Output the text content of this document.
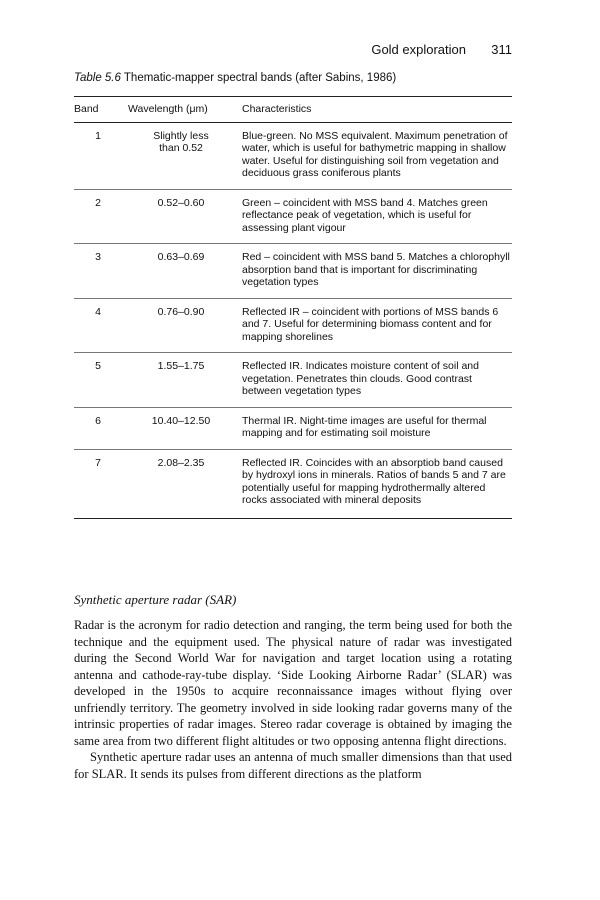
Gold exploration 311
Table 5.6 Thematic-mapper spectral bands (after Sabins, 1986)
Band	Wavelength (μm)	Characteristics
1	Slightly less than 0.52	Blue-green. No MSS equivalent. Maximum penetration of water, which is useful for bathymetric mapping in shallow water. Useful for distinguishing soil from vegetation and deciduous grass coniferous plants
2	0.52–0.60	Green – coincident with MSS band 4. Matches green reflectance peak of vegetation, which is useful for assessing plant vigour
3	0.63–0.69	Red – coincident with MSS band 5. Matches a chlorophyll absorption band that is important for discriminating vegetation types
4	0.76–0.90	Reflected IR – coincident with portions of MSS bands 6 and 7. Useful for determining biomass content and for mapping shorelines
5	1.55–1.75	Reflected IR. Indicates moisture content of soil and vegetation. Penetrates thin clouds. Good contrast between vegetation types
6	10.40–12.50	Thermal IR. Night-time images are useful for thermal mapping and for estimating soil moisture
7	2.08–2.35	Reflected IR. Coincides with an absorptiob band caused by hydroxyl ions in minerals. Ratios of bands 5 and 7 are potentially useful for mapping hydrothermally altered rocks associated with mineral deposits
Synthetic aperture radar (SAR)

Radar is the acronym for radio detection and ranging, the term being used for both the technique and the equipment used. The physical nature of radar was investigated during the Second World War for navigation and target location using a rotating antenna and cathode-ray-tube display. ‘Side Looking Airborne Radar’ (SLAR) was developed in the 1950s to acquire reconnaissance images without flying over unfriendly territory. The geometry involved in side looking radar governs many of the intrinsic properties of radar images. Stereo radar coverage is obtained by imaging the same area from two different flight altitudes or two opposing antenna flight directions.

Synthetic aperture radar uses an antenna of much smaller dimensions than that used for SLAR. It sends its pulses from different directions as the platform
